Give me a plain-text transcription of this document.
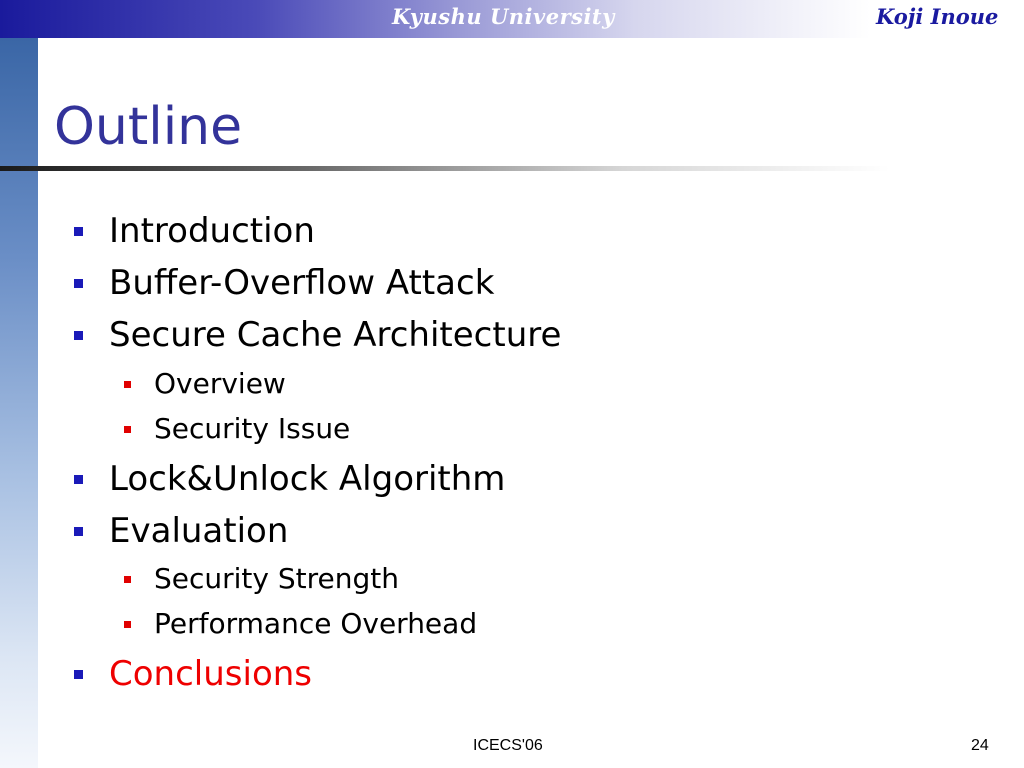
Kyushu University	Koji Inoue
Outline
Introduction
Buffer-Overflow Attack
Secure Cache Architecture
Overview
Security Issue
Lock&Unlock Algorithm
Evaluation
Security Strength
Performance Overhead
Conclusions
ICECS'06	24
